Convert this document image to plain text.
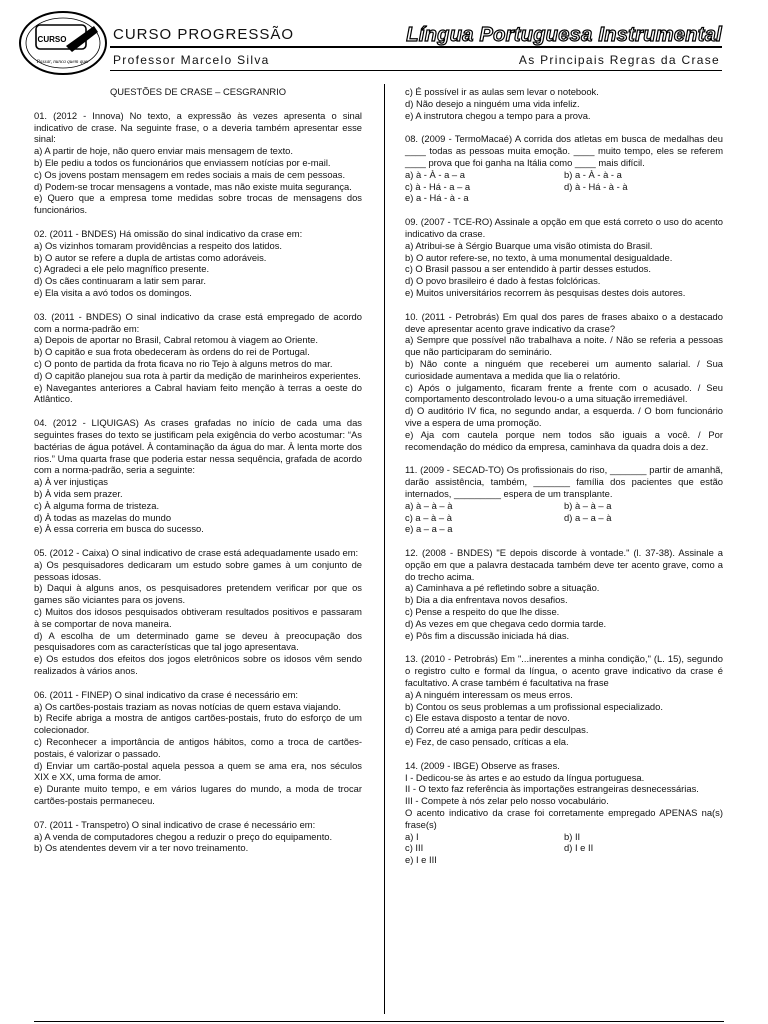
CURSO
Passar, nunca quem quer
CURSO PROGRESSÃO	Língua Portuguesa Instrumental
Professor Marcelo Silva	As Principais Regras da Crase
QUESTÕES DE CRASE – CESGRANRIO
01. (2012 - Innova) No texto, a expressão às vezes apresenta o sinal indicativo de crase. Na seguinte frase, o a deveria também apresentar esse sinal:
a) A partir de hoje, não quero enviar mais mensagem de texto.
b) Ele pediu a todos os funcionários que enviassem notícias por e-mail.
c) Os jovens postam mensagem em redes sociais a mais de cem pessoas.
d) Podem-se trocar mensagens a vontade, mas não existe muita segurança.
e) Quero que a empresa tome medidas sobre trocas de mensagens dos funcionários.
02. (2011 - BNDES) Há omissão do sinal indicativo da crase em:
a) Os vizinhos tomaram providências a respeito dos latidos.
b) O autor se refere a dupla de artistas como adoráveis.
c) Agradeci a ele pelo magnífico presente.
d) Os cães continuaram a latir sem parar.
e) Ela visita a avó todos os domingos.
03. (2011 - BNDES) O sinal indicativo da crase está empregado de acordo com a norma-padrão em:
a) Depois de aportar no Brasil, Cabral retomou à viagem ao Oriente.
b) O capitão e sua frota obedeceram às ordens do rei de Portugal.
c) O ponto de partida da frota ficava no rio Tejo à alguns metros do mar.
d) O capitão planejou sua rota à partir da medição de marinheiros experientes.
e) Navegantes anteriores a Cabral haviam feito menção à terras a oeste do Atlântico.
04. (2012 - LIQUIGAS) As crases grafadas no início de cada uma das seguintes frases do texto se justificam pela exigência do verbo acostumar: “As bactérias de água potável. À contaminação da água do mar. À lenta morte dos rios.” Uma quarta frase que poderia estar nessa sequência, grafada de acordo com a norma-padrão, seria a seguinte:
a) À ver injustiças
b) À vida sem prazer.
c) À alguma forma de tristeza.
d) À todas as mazelas do mundo
e) À essa correria em busca do sucesso.
05. (2012 - Caixa) O sinal indicativo de crase está adequadamente usado em:
a) Os pesquisadores dedicaram um estudo sobre games à um conjunto de pessoas idosas.
b) Daqui à alguns anos, os pesquisadores pretendem verificar por que os games são viciantes para os jovens.
c) Muitos dos idosos pesquisados obtiveram resultados positivos e passaram à se comportar de nova maneira.
d) A escolha de um determinado game se deveu à preocupação dos pesquisadores com as características que tal jogo apresentava.
e) Os estudos dos efeitos dos jogos eletrônicos sobre os idosos vêm sendo realizados à vários anos.
06. (2011 - FINEP) O sinal indicativo da crase é necessário em:
a) Os cartões-postais traziam as novas notícias de quem estava viajando.
b) Recife abriga a mostra de antigos cartões-postais, fruto do esforço de um colecionador.
c) Reconhecer a importância de antigos hábitos, como a troca de cartões-postais, é valorizar o passado.
d) Enviar um cartão-postal aquela pessoa a quem se ama era, nos séculos XIX e XX, uma forma de amor.
e) Durante muito tempo, e em vários lugares do mundo, a moda de trocar cartões-postais permaneceu.
07. (2011 - Transpetro) O sinal indicativo de crase é necessário em:
a) A venda de computadores chegou a reduzir o preço do equipamento.
b) Os atendentes devem vir a ter novo treinamento.
c) É possível ir as aulas sem levar o notebook.
d) Não desejo a ninguém uma vida infeliz.
e) A instrutora chegou a tempo para a prova.
08. (2009 - TermoMacaé) A corrida dos atletas em busca de medalhas deu ____ todas as pessoas muita emoção. ____ muito tempo, eles se referem ____ prova que foi ganha na Itália como ____ mais difícil.
a) à - À - a – a	b) a - À - à - a
c) à - Há - a – a	d) à - Há - à - à
e) a - Há - à - a
09. (2007 - TCE-RO) Assinale a opção em que está correto o uso do acento indicativo da crase.
a) Atribui-se à Sérgio Buarque uma visão otimista do Brasil.
b) O autor refere-se, no texto, à uma monumental desigualdade.
c) O Brasil passou a ser entendido à partir desses estudos.
d) O povo brasileiro é dado à festas folclóricas.
e) Muitos universitários recorrem às pesquisas destes dois autores.
10. (2011 - Petrobrás) Em qual dos pares de frases abaixo o a destacado deve apresentar acento grave indicativo da crase?
a) Sempre que possível não trabalhava a noite. / Não se referia a pessoas que não participaram do seminário.
b) Não conte a ninguém que receberei um aumento salarial. / Sua curiosidade aumentava a medida que lia o relatório.
c) Após o julgamento, ficaram frente a frente com o acusado. / Seu comportamento descontrolado levou-o a uma situação irremediável.
d) O auditório IV fica, no segundo andar, a esquerda. / O bom funcionário vive a espera de uma promoção.
e) Aja com cautela porque nem todos são iguais a você. / Por recomendação do médico da empresa, caminhava da quadra dois a dez.
11. (2009 - SECAD-TO) Os profissionais do riso, _______ partir de amanhã, darão assistência, também, _______ família dos pacientes que estão internados, _________ espera de um transplante.
a) à – à – à	b) à – à – a
c) a – à – à	d) a – a – à
e) a – a – a
12. (2008 - BNDES) "E depois discorde à vontade." (l. 37-38). Assinale a opção em que a palavra destacada também deve ter acento grave, como a do trecho acima.
a) Caminhava a pé refletindo sobre a situação.
b) Dia a dia enfrentava novos desafios.
c) Pense a respeito do que lhe disse.
d) As vezes em que chegava cedo dormia tarde.
e) Pôs fim a discussão iniciada há dias.
13. (2010 - Petrobrás) Em "...inerentes a minha condição," (L. 15), segundo o registro culto e formal da língua, o acento grave indicativo da crase é facultativo. A crase também é facultativa na frase
a) A ninguém interessam os meus erros.
b) Contou os seus problemas a um profissional especializado.
c) Ele estava disposto a tentar de novo.
d) Correu até a amiga para pedir desculpas.
e) Fez, de caso pensado, críticas a ela.
14. (2009 - IBGE) Observe as frases.
I - Dedicou-se às artes e ao estudo da língua portuguesa.
II - O texto faz referência às importações estrangeiras desnecessárias.
III - Compete à nós zelar pelo nosso vocabulário.
O acento indicativo da crase foi corretamente empregado APENAS na(s) frase(s)
a) I	b) II
c) III	d) I e II
e) I e III
